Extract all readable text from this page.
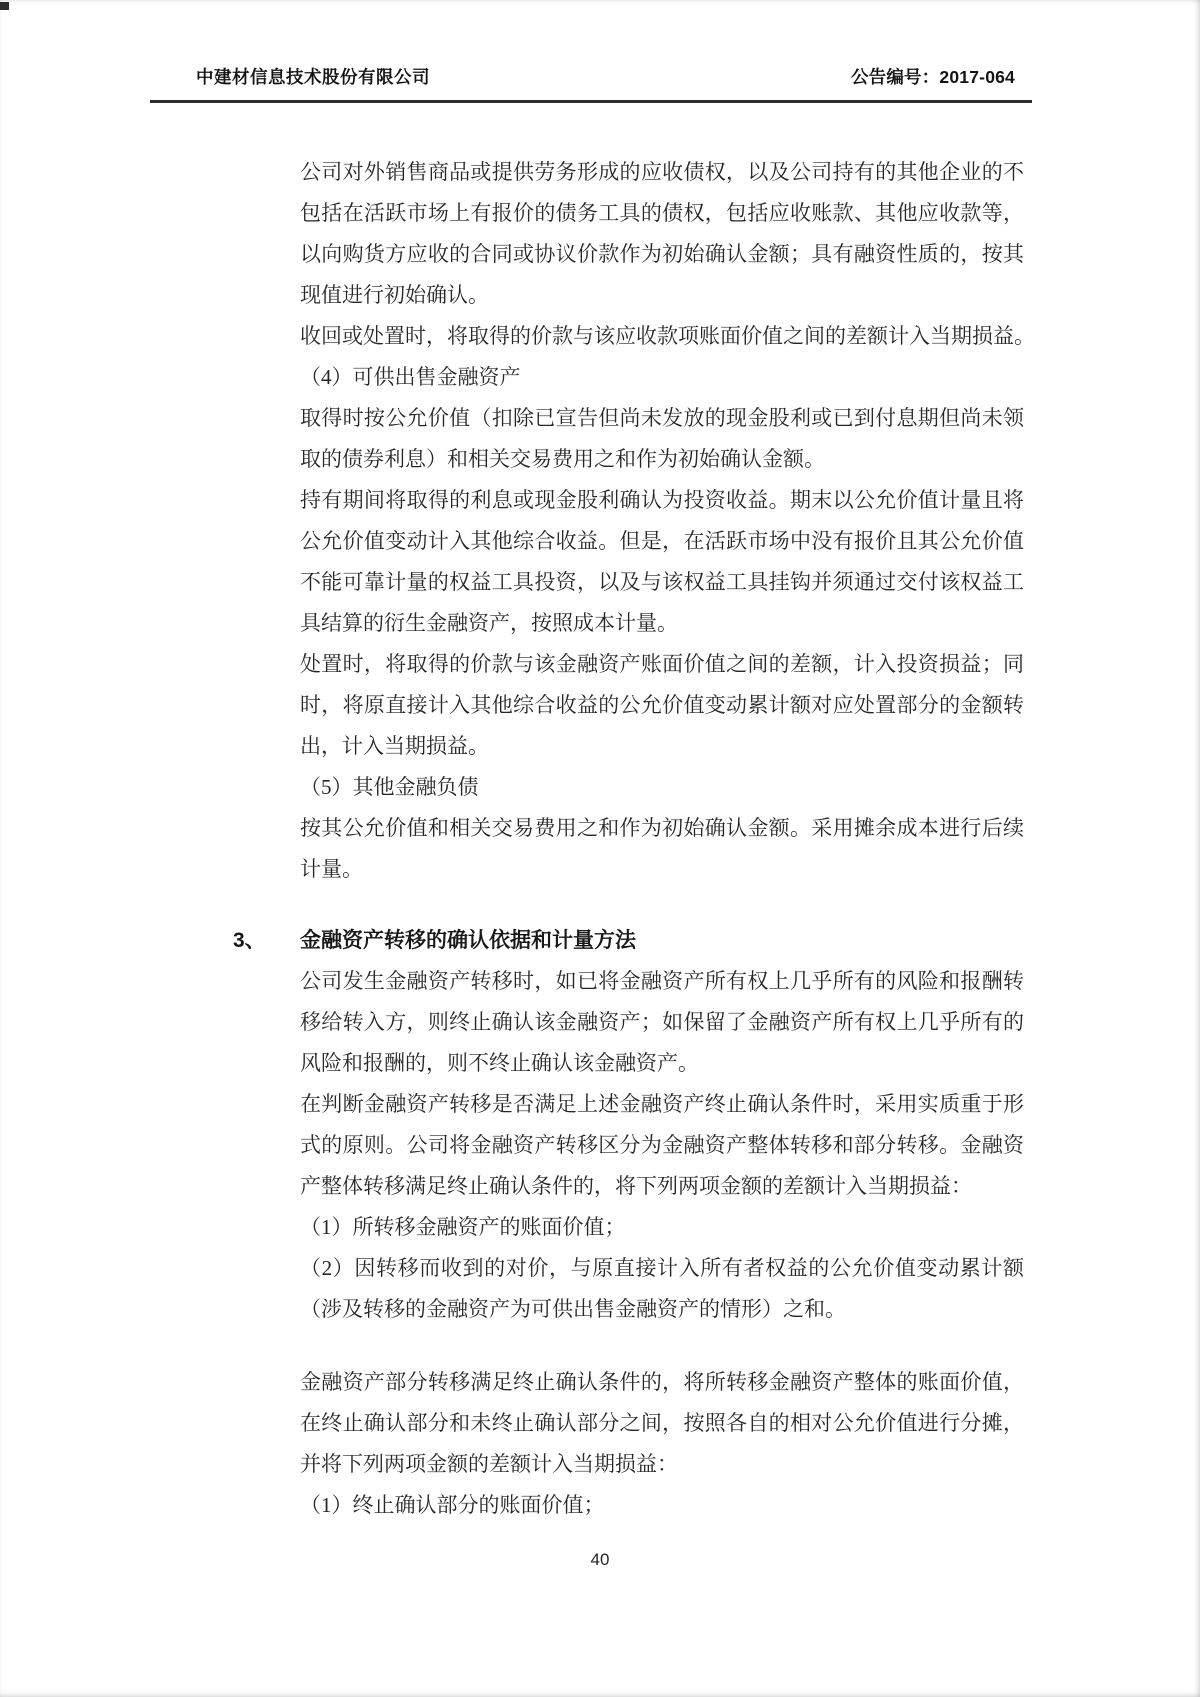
中建材信息技术股份有限公司	公告编号：2017-064
公司对外销售商品或提供劳务形成的应收债权，以及公司持有的其他企业的不
包括在活跃市场上有报价的债务工具的债权，包括应收账款、其他应收款等，
以向购货方应收的合同或协议价款作为初始确认金额；具有融资性质的，按其
现值进行初始确认。
收回或处置时，将取得的价款与该应收款项账面价值之间的差额计入当期损益。
（4）可供出售金融资产
取得时按公允价值（扣除已宣告但尚未发放的现金股利或已到付息期但尚未领
取的债券利息）和相关交易费用之和作为初始确认金额。
持有期间将取得的利息或现金股利确认为投资收益。期末以公允价值计量且将
公允价值变动计入其他综合收益。但是，在活跃市场中没有报价且其公允价值
不能可靠计量的权益工具投资，以及与该权益工具挂钩并须通过交付该权益工
具结算的衍生金融资产，按照成本计量。
处置时，将取得的价款与该金融资产账面价值之间的差额，计入投资损益；同
时，将原直接计入其他综合收益的公允价值变动累计额对应处置部分的金额转
出，计入当期损益。
（5）其他金融负债
按其公允价值和相关交易费用之和作为初始确认金额。采用摊余成本进行后续
计量。
3、 金融资产转移的确认依据和计量方法
公司发生金融资产转移时，如已将金融资产所有权上几乎所有的风险和报酬转
移给转入方，则终止确认该金融资产；如保留了金融资产所有权上几乎所有的
风险和报酬的，则不终止确认该金融资产。
在判断金融资产转移是否满足上述金融资产终止确认条件时，采用实质重于形
式的原则。公司将金融资产转移区分为金融资产整体转移和部分转移。金融资
产整体转移满足终止确认条件的，将下列两项金额的差额计入当期损益：
（1）所转移金融资产的账面价值；
（2）因转移而收到的对价，与原直接计入所有者权益的公允价值变动累计额
（涉及转移的金融资产为可供出售金融资产的情形）之和。
金融资产部分转移满足终止确认条件的，将所转移金融资产整体的账面价值，
在终止确认部分和未终止确认部分之间，按照各自的相对公允价值进行分摊，
并将下列两项金额的差额计入当期损益：
（1）终止确认部分的账面价值；
40
